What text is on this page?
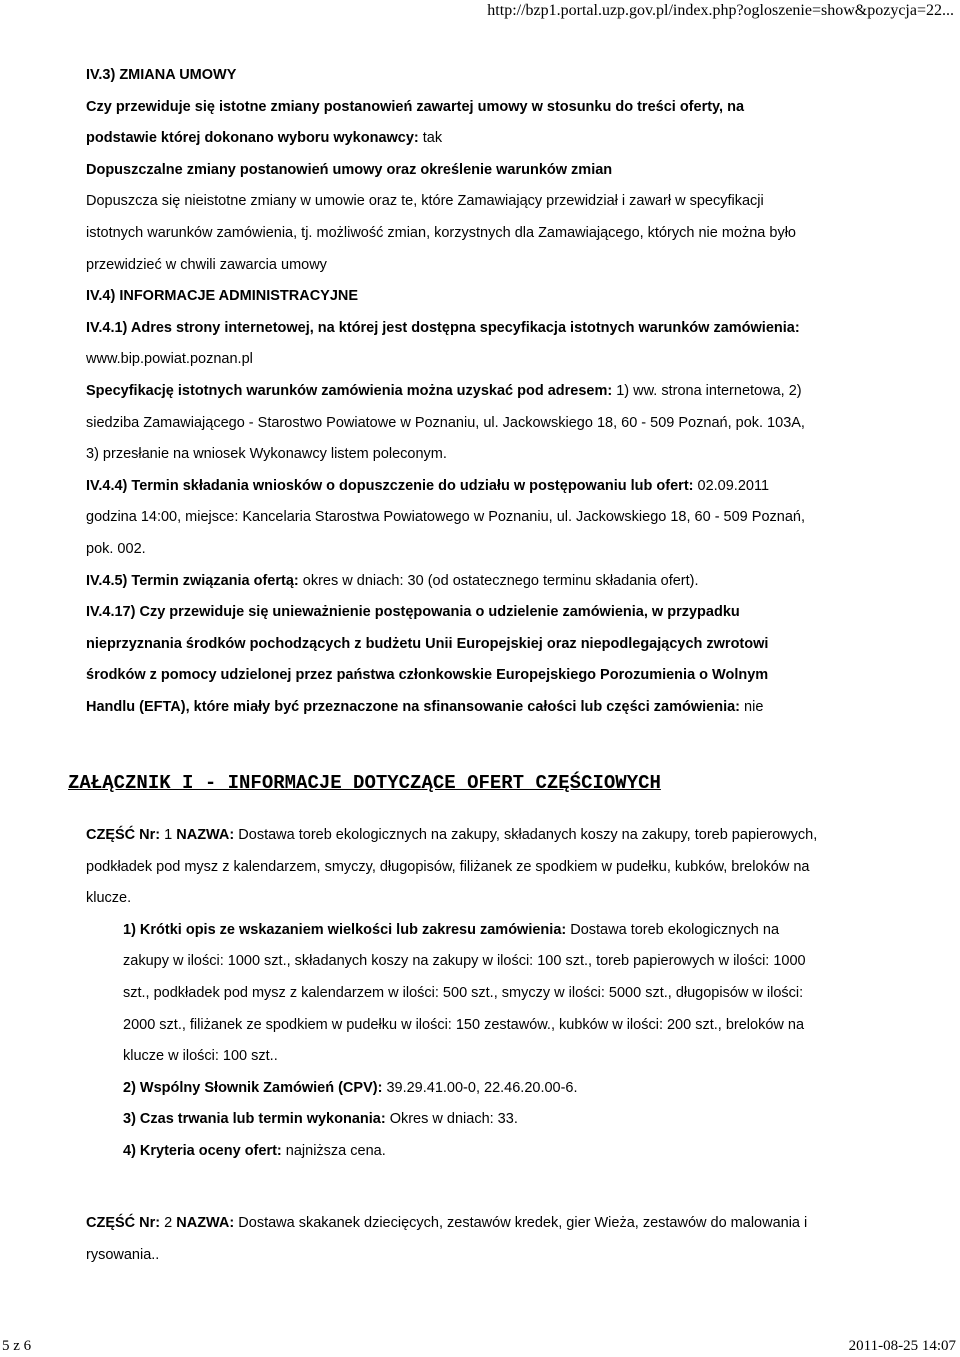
http://bzp1.portal.uzp.gov.pl/index.php?ogloszenie=show&pozycja=22...
IV.3) ZMIANA UMOWY
Czy przewiduje się istotne zmiany postanowień zawartej umowy w stosunku do treści oferty, na
podstawie której dokonano wyboru wykonawcy: tak
Dopuszczalne zmiany postanowień umowy oraz określenie warunków zmian
Dopuszcza się nieistotne zmiany w umowie oraz te, które Zamawiający przewidział i zawarł w specyfikacji
istotnych warunków zamówienia, tj. możliwość zmian, korzystnych dla Zamawiającego, których nie można było
przewidzieć w chwili zawarcia umowy
IV.4) INFORMACJE ADMINISTRACYJNE
IV.4.1) Adres strony internetowej, na której jest dostępna specyfikacja istotnych warunków zamówienia:
www.bip.powiat.poznan.pl
Specyfikację istotnych warunków zamówienia można uzyskać pod adresem: 1) ww. strona internetowa, 2)
siedziba Zamawiającego - Starostwo Powiatowe w Poznaniu, ul. Jackowskiego 18, 60 - 509 Poznań, pok. 103A,
3) przesłanie na wniosek Wykonawcy listem poleconym.
IV.4.4) Termin składania wniosków o dopuszczenie do udziału w postępowaniu lub ofert: 02.09.2011
godzina 14:00, miejsce: Kancelaria Starostwa Powiatowego w Poznaniu, ul. Jackowskiego 18, 60 - 509 Poznań,
pok. 002.
IV.4.5) Termin związania ofertą: okres w dniach: 30 (od ostatecznego terminu składania ofert).
IV.4.17) Czy przewiduje się unieważnienie postępowania o udzielenie zamówienia, w przypadku
nieprzyznania środków pochodzących z budżetu Unii Europejskiej oraz niepodlegających zwrotowi
środków z pomocy udzielonej przez państwa członkowskie Europejskiego Porozumienia o Wolnym
Handlu (EFTA), które miały być przeznaczone na sfinansowanie całości lub części zamówienia: nie
ZAŁĄCZNIK I - INFORMACJE DOTYCZĄCE OFERT CZĘŚCIOWYCH
CZĘŚĆ Nr: 1 NAZWA: Dostawa toreb ekologicznych na zakupy, składanych koszy na zakupy, toreb papierowych,
podkładek pod mysz z kalendarzem, smyczy, długopisów, filiżanek ze spodkiem w pudełku, kubków, breloków na
klucze.
1) Krótki opis ze wskazaniem wielkości lub zakresu zamówienia: Dostawa toreb ekologicznych na
zakupy w ilości: 1000 szt., składanych koszy na zakupy w ilości: 100 szt., toreb papierowych w ilości: 1000
szt., podkładek pod mysz z kalendarzem w ilości: 500 szt., smyczy w ilości: 5000 szt., długopisów w ilości:
2000 szt., filiżanek ze spodkiem w pudełku w ilości: 150 zestawów., kubków w ilości: 200 szt., breloków na
klucze w ilości: 100 szt..
2) Wspólny Słownik Zamówień (CPV): 39.29.41.00-0, 22.46.20.00-6.
3) Czas trwania lub termin wykonania: Okres w dniach: 33.
4) Kryteria oceny ofert: najniższa cena.
CZĘŚĆ Nr: 2 NAZWA: Dostawa skakanek dziecięcych, zestawów kredek, gier Wieża, zestawów do malowania i
rysowania..
5 z 6	2011-08-25 14:07
